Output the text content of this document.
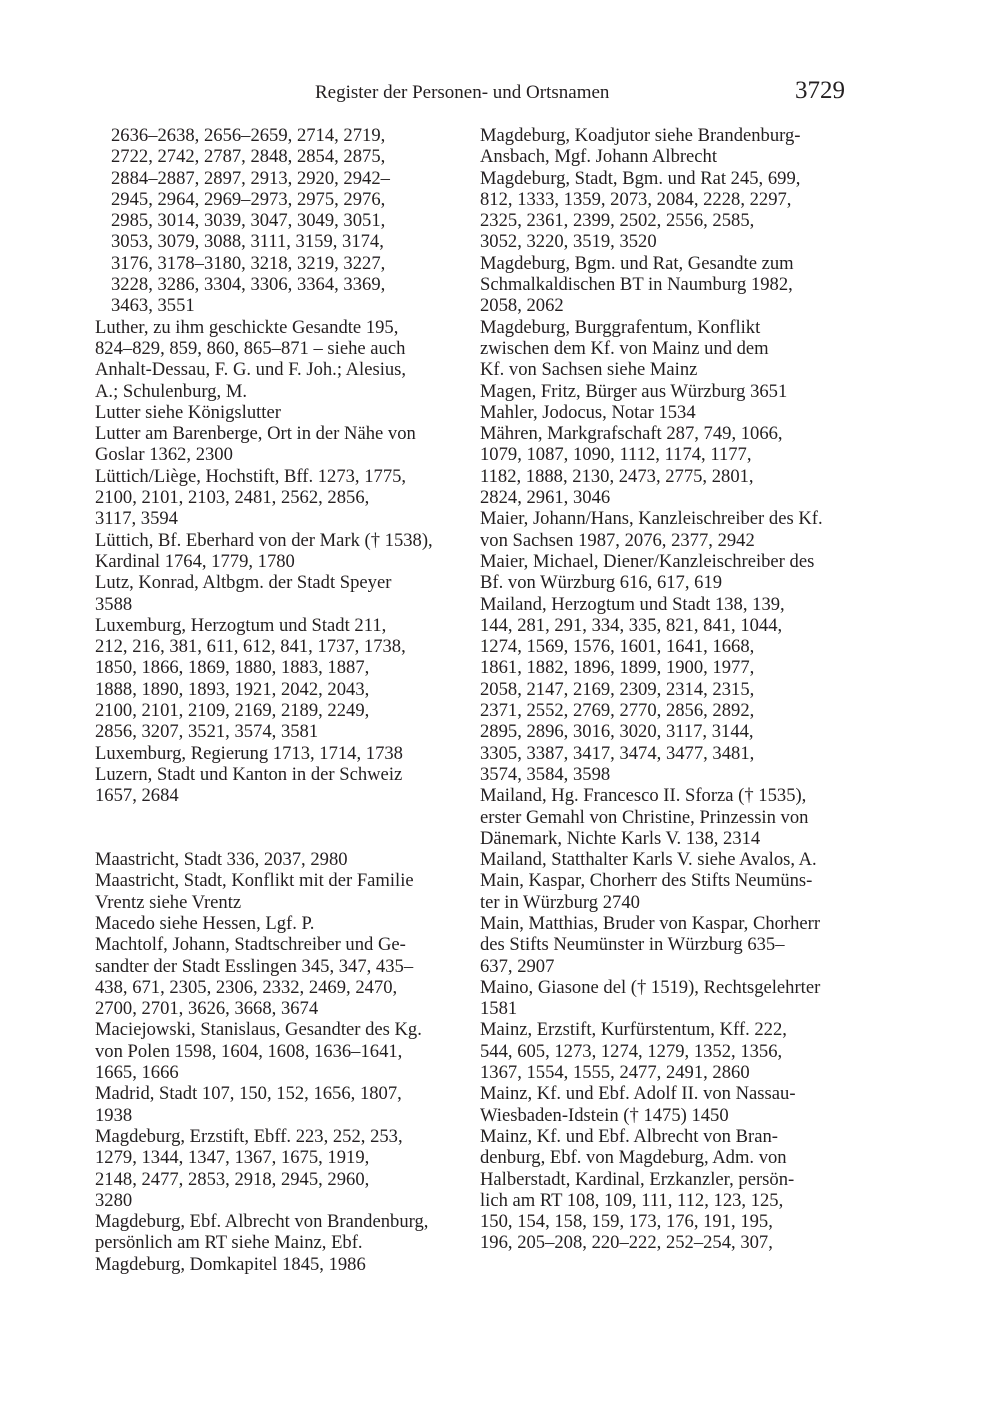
Register der Personen- und Ortsnamen	3729
2636–2638, 2656–2659, 2714, 2719,
2722, 2742, 2787, 2848, 2854, 2875,
2884–2887, 2897, 2913, 2920, 2942–
2945, 2964, 2969–2973, 2975, 2976,
2985, 3014, 3039, 3047, 3049, 3051,
3053, 3079, 3088, 3111, 3159, 3174,
3176, 3178–3180, 3218, 3219, 3227,
3228, 3286, 3304, 3306, 3364, 3369,
3463, 3551
Luther, zu ihm geschickte Gesandte 195,
824–829, 859, 860, 865–871 – siehe auch
Anhalt-Dessau, F. G. und F. Joh.; Alesius,
A.; Schulenburg, M.
Lutter siehe Königslutter
Lutter am Barenberge, Ort in der Nähe von
Goslar 1362, 2300
Lüttich/Liège, Hochstift, Bff. 1273, 1775,
2100, 2101, 2103, 2481, 2562, 2856,
3117, 3594
Lüttich, Bf. Eberhard von der Mark († 1538),
Kardinal 1764, 1779, 1780
Lutz, Konrad, Altbgm. der Stadt Speyer
3588
Luxemburg, Herzogtum und Stadt 211,
212, 216, 381, 611, 612, 841, 1737, 1738,
1850, 1866, 1869, 1880, 1883, 1887,
1888, 1890, 1893, 1921, 2042, 2043,
2100, 2101, 2109, 2169, 2189, 2249,
2856, 3207, 3521, 3574, 3581
Luxemburg, Regierung 1713, 1714, 1738
Luzern, Stadt und Kanton in der Schweiz
1657, 2684
Maastricht, Stadt 336, 2037, 2980
Maastricht, Stadt, Konflikt mit der Familie
Vrentz siehe Vrentz
Macedo siehe Hessen, Lgf. P.
Machtolf, Johann, Stadtschreiber und Ge-
sandter der Stadt Esslingen 345, 347, 435–
438, 671, 2305, 2306, 2332, 2469, 2470,
2700, 2701, 3626, 3668, 3674
Maciejowski, Stanislaus, Gesandter des Kg.
von Polen 1598, 1604, 1608, 1636–1641,
1665, 1666
Madrid, Stadt 107, 150, 152, 1656, 1807,
1938
Magdeburg, Erzstift, Ebff. 223, 252, 253,
1279, 1344, 1347, 1367, 1675, 1919,
2148, 2477, 2853, 2918, 2945, 2960,
3280
Magdeburg, Ebf. Albrecht von Brandenburg,
persönlich am RT siehe Mainz, Ebf.
Magdeburg, Domkapitel 1845, 1986
Magdeburg, Koadjutor siehe Brandenburg-
Ansbach, Mgf. Johann Albrecht
Magdeburg, Stadt, Bgm. und Rat 245, 699,
812, 1333, 1359, 2073, 2084, 2228, 2297,
2325, 2361, 2399, 2502, 2556, 2585,
3052, 3220, 3519, 3520
Magdeburg, Bgm. und Rat, Gesandte zum
Schmalkaldischen BT in Naumburg 1982,
2058, 2062
Magdeburg, Burggrafentum, Konflikt
zwischen dem Kf. von Mainz und dem
Kf. von Sachsen siehe Mainz
Magen, Fritz, Bürger aus Würzburg 3651
Mahler, Jodocus, Notar 1534
Mähren, Markgrafschaft 287, 749, 1066,
1079, 1087, 1090, 1112, 1174, 1177,
1182, 1888, 2130, 2473, 2775, 2801,
2824, 2961, 3046
Maier, Johann/Hans, Kanzleischreiber des Kf.
von Sachsen 1987, 2076, 2377, 2942
Maier, Michael, Diener/Kanzleischreiber des
Bf. von Würzburg 616, 617, 619
Mailand, Herzogtum und Stadt 138, 139,
144, 281, 291, 334, 335, 821, 841, 1044,
1274, 1569, 1576, 1601, 1641, 1668,
1861, 1882, 1896, 1899, 1900, 1977,
2058, 2147, 2169, 2309, 2314, 2315,
2371, 2552, 2769, 2770, 2856, 2892,
2895, 2896, 3016, 3020, 3117, 3144,
3305, 3387, 3417, 3474, 3477, 3481,
3574, 3584, 3598
Mailand, Hg. Francesco II. Sforza († 1535),
erster Gemahl von Christine, Prinzessin von
Dänemark, Nichte Karls V. 138, 2314
Mailand, Statthalter Karls V. siehe Avalos, A.
Main, Kaspar, Chorherr des Stifts Neumüns-
ter in Würzburg 2740
Main, Matthias, Bruder von Kaspar, Chorherr
des Stifts Neumünster in Würzburg 635–
637, 2907
Maino, Giasone del († 1519), Rechtsgelehrter
1581
Mainz, Erzstift, Kurfürstentum, Kff. 222,
544, 605, 1273, 1274, 1279, 1352, 1356,
1367, 1554, 1555, 2477, 2491, 2860
Mainz, Kf. und Ebf. Adolf II. von Nassau-
Wiesbaden-Idstein († 1475) 1450
Mainz, Kf. und Ebf. Albrecht von Bran-
denburg, Ebf. von Magdeburg, Adm. von
Halberstadt, Kardinal, Erzkanzler, persön-
lich am RT 108, 109, 111, 112, 123, 125,
150, 154, 158, 159, 173, 176, 191, 195,
196, 205–208, 220–222, 252–254, 307,
